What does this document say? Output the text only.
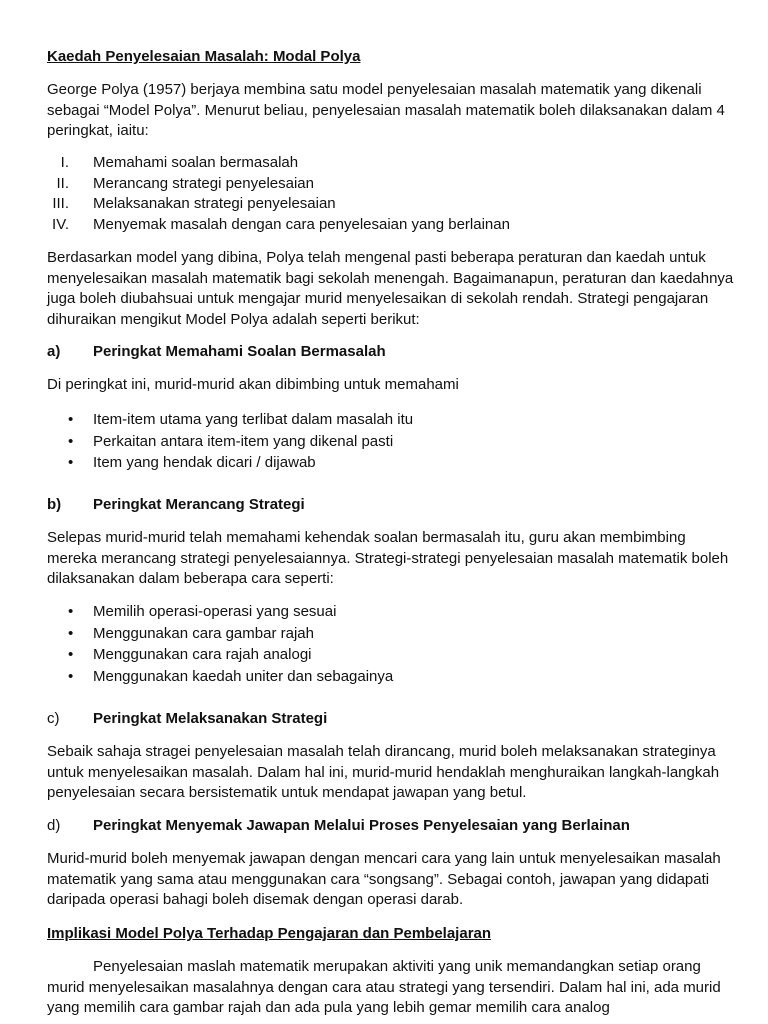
Kaedah Penyelesaian Masalah: Modal Polya

George Polya (1957) berjaya membina satu model penyelesaian masalah matematik yang dikenali sebagai “Model Polya”. Menurut beliau, penyelesaian masalah matematik boleh dilaksanakan dalam 4 peringkat, iaitu:

I. Memahami soalan bermasalah
II. Merancang strategi penyelesaian
III. Melaksanakan strategi penyelesaian
IV. Menyemak masalah dengan cara penyelesaian yang berlainan

Berdasarkan model yang dibina, Polya telah mengenal pasti beberapa peraturan dan kaedah untuk menyelesaikan masalah matematik bagi sekolah menengah. Bagaimanapun, peraturan dan kaedahnya juga boleh diubahsuai untuk mengajar murid menyelesaikan di sekolah rendah. Strategi pengajaran dihuraikan mengikut Model Polya adalah seperti berikut:

a) Peringkat Memahami Soalan Bermasalah

Di peringkat ini, murid-murid akan dibimbing untuk memahami

• Item-item utama yang terlibat dalam masalah itu
• Perkaitan antara item-item yang dikenal pasti
• Item yang hendak dicari / dijawab

b) Peringkat Merancang Strategi

Selepas murid-murid telah memahami kehendak soalan bermasalah itu, guru akan membimbing mereka merancang strategi penyelesaiannya. Strategi-strategi penyelesaian masalah matematik boleh dilaksanakan dalam beberapa cara seperti:

• Memilih operasi-operasi yang sesuai
• Menggunakan cara gambar rajah
• Menggunakan cara rajah analogi
• Menggunakan kaedah uniter dan sebagainya

c) Peringkat Melaksanakan Strategi

Sebaik sahaja stragei penyelesaian masalah telah dirancang, murid boleh melaksanakan strateginya untuk menyelesaikan masalah. Dalam hal ini, murid-murid hendaklah menghuraikan langkah-langkah penyelesaian secara bersistematik untuk mendapat jawapan yang betul.

d) Peringkat Menyemak Jawapan Melalui Proses Penyelesaian yang Berlainan

Murid-murid boleh menyemak jawapan dengan mencari cara yang lain untuk menyelesaikan masalah matematik yang sama atau menggunakan cara “songsang”. Sebagai contoh, jawapan yang didapati daripada operasi bahagi boleh disemak dengan operasi darab.

Implikasi Model Polya Terhadap Pengajaran dan Pembelajaran

Penyelesaian maslah matematik merupakan aktiviti yang unik memandangkan setiap orang murid menyelesaikan masalahnya dengan cara atau strategi yang tersendiri. Dalam hal ini, ada murid yang memilih cara gambar rajah dan ada pula yang lebih gemar memilih cara analog
